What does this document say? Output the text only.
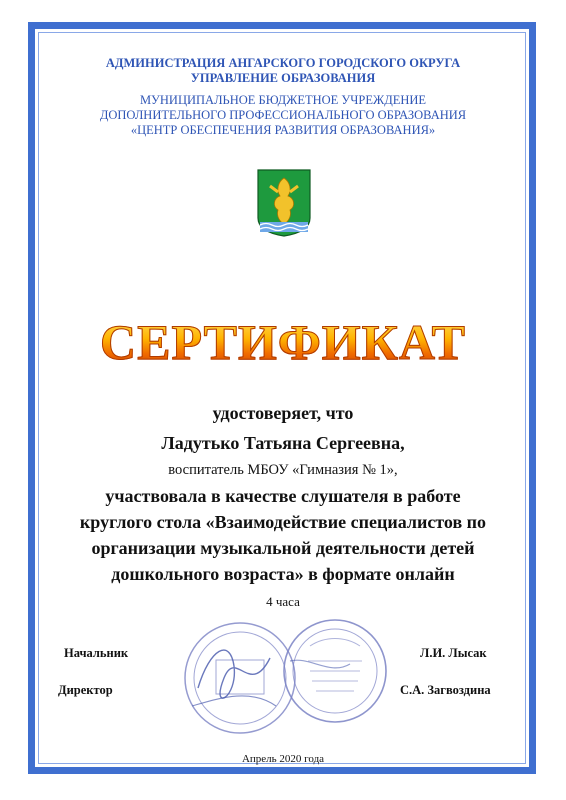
АДМИНИСТРАЦИЯ АНГАРСКОГО ГОРОДСКОГО ОКРУГА
УПРАВЛЕНИЕ ОБРАЗОВАНИЯ
МУНИЦИПАЛЬНОЕ БЮДЖЕТНОЕ УЧРЕЖДЕНИЕ
ДОПОЛНИТЕЛЬНОГО ПРОФЕССИОНАЛЬНОГО ОБРАЗОВАНИЯ
«ЦЕНТР ОБЕСПЕЧЕНИЯ РАЗВИТИЯ ОБРАЗОВАНИЯ»
СЕРТИФИКАТ
удостоверяет, что
Ладутько Татьяна Сергеевна,
воспитатель МБОУ «Гимназия № 1»,
участвовала в качестве слушателя в работе
круглого стола «Взаимодействие специалистов по
организации музыкальной деятельности детей
дошкольного возраста» в формате онлайн
4 часа
Начальник	Л.И. Лысак
Директор	С.А. Загвоздина
Апрель 2020 года
